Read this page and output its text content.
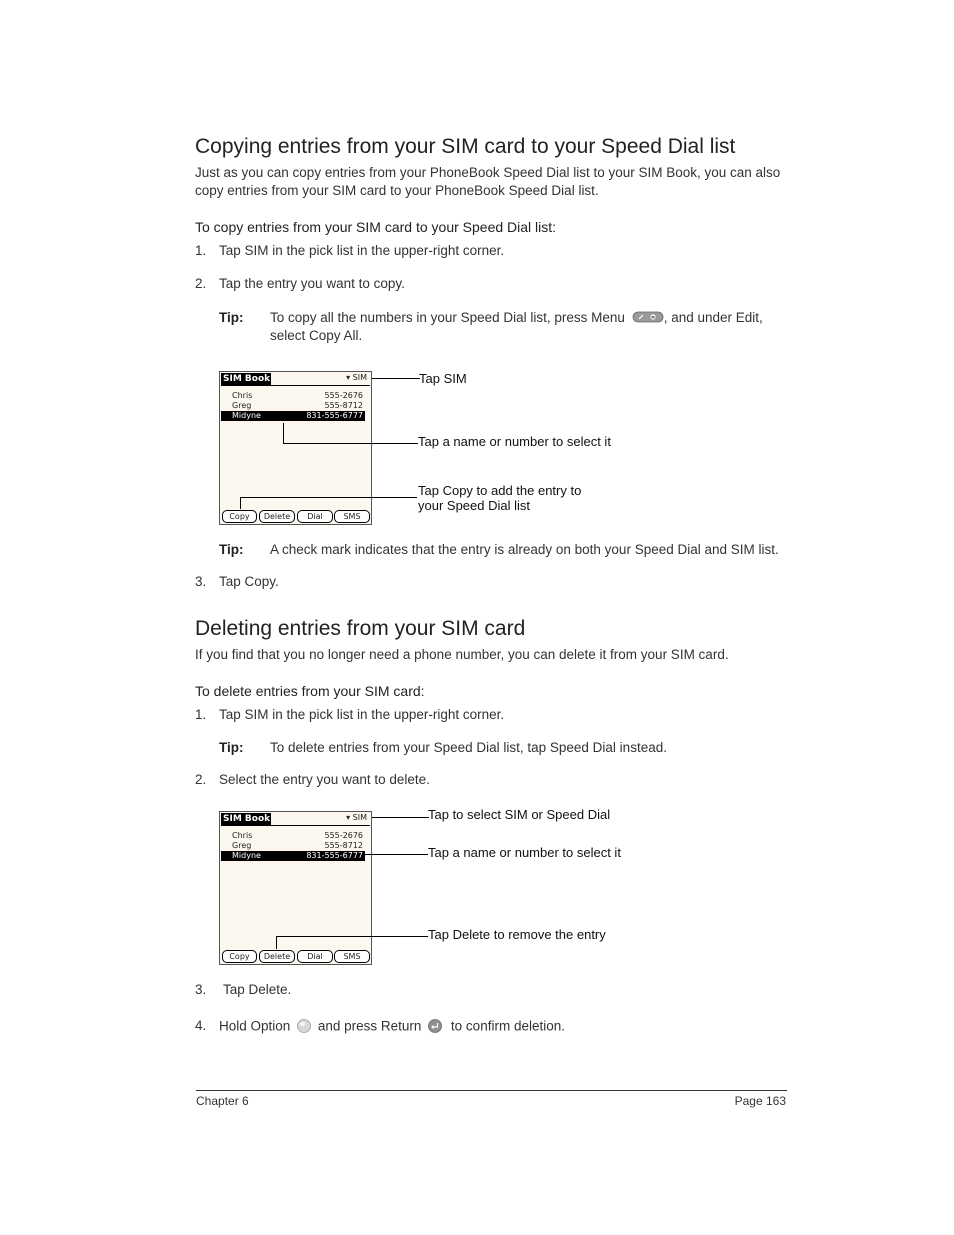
Copying entries from your SIM card to your Speed Dial list
Just as you can copy entries from your PhoneBook Speed Dial list to your SIM Book, you can also
copy entries from your SIM card to your PhoneBook Speed Dial list.
To copy entries from your SIM card to your Speed Dial list:
1. Tap SIM in the pick list in the upper-right corner.
2. Tap the entry you want to copy.
Tip: To copy all the numbers in your Speed Dial list, press Menu	, and under Edit,
select Copy All.
SIM Book	▾ SIM
Chris	555-2676
Greg	555-8712
Midyne	831-555-6777
Copy	Delete	Dial	SMS
Tap SIM
Tap a name or number to select it
Tap Copy to add the entry to
your Speed Dial list
Tip: A check mark indicates that the entry is already on both your Speed Dial and SIM list.
3. Tap Copy.
Deleting entries from your SIM card
If you find that you no longer need a phone number, you can delete it from your SIM card.
To delete entries from your SIM card:
1. Tap SIM in the pick list in the upper-right corner.
Tip: To delete entries from your Speed Dial list, tap Speed Dial instead.
2. Select the entry you want to delete.
SIM Book	▾ SIM
Chris	555-2676
Greg	555-8712
Midyne	831-555-6777
Copy	Delete	Dial	SMS
Tap to select SIM or Speed Dial
Tap a name or number to select it
Tap Delete to remove the entry
3. Tap Delete.
4. Hold Option and press Return to confirm deletion.
Chapter 6	Page 163
